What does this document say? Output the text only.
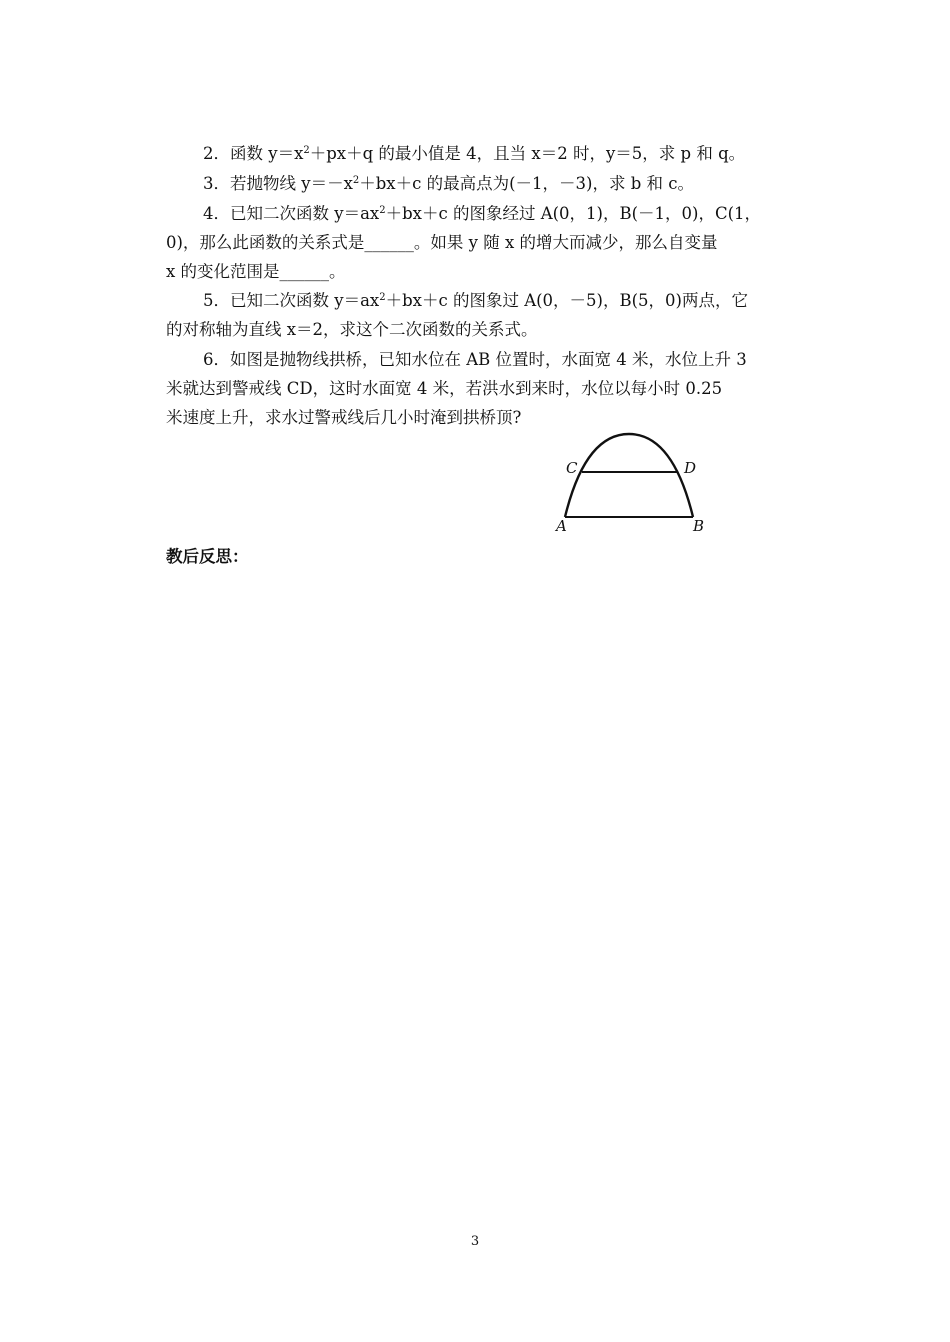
2．函数 $y=x^2+px+q$ 的最小值是 4，且当 x＝2 时，y＝5，求 p 和 q。
3．若抛物线 $y=-x^2+bx+c$ 的最高点为(－1，－3)，求 b 和 c。
4．已知二次函数 $y=ax^2+bx+c$ 的图象经过 A(0，1)，B(－1，0)，C(1，
0)，那么此函数的关系式是______。如果 y 随 x 的增大而减少，那么自变量
x 的变化范围是______。
5．已知二次函数 $y=ax^2+bx+c$ 的图象过 A(0，－5)，B(5，0)两点，它
的对称轴为直线 x＝2，求这个二次函数的关系式。
6．如图是抛物线拱桥，已知水位在 AB 位置时，水面宽 4 米，水位上升 3
米就达到警戒线 CD，这时水面宽 4 米，若洪水到来时，水位以每小时 0.25
米速度上升，求水过警戒线后几小时淹到拱桥顶?
A	B
C	D
教后反思：
3
